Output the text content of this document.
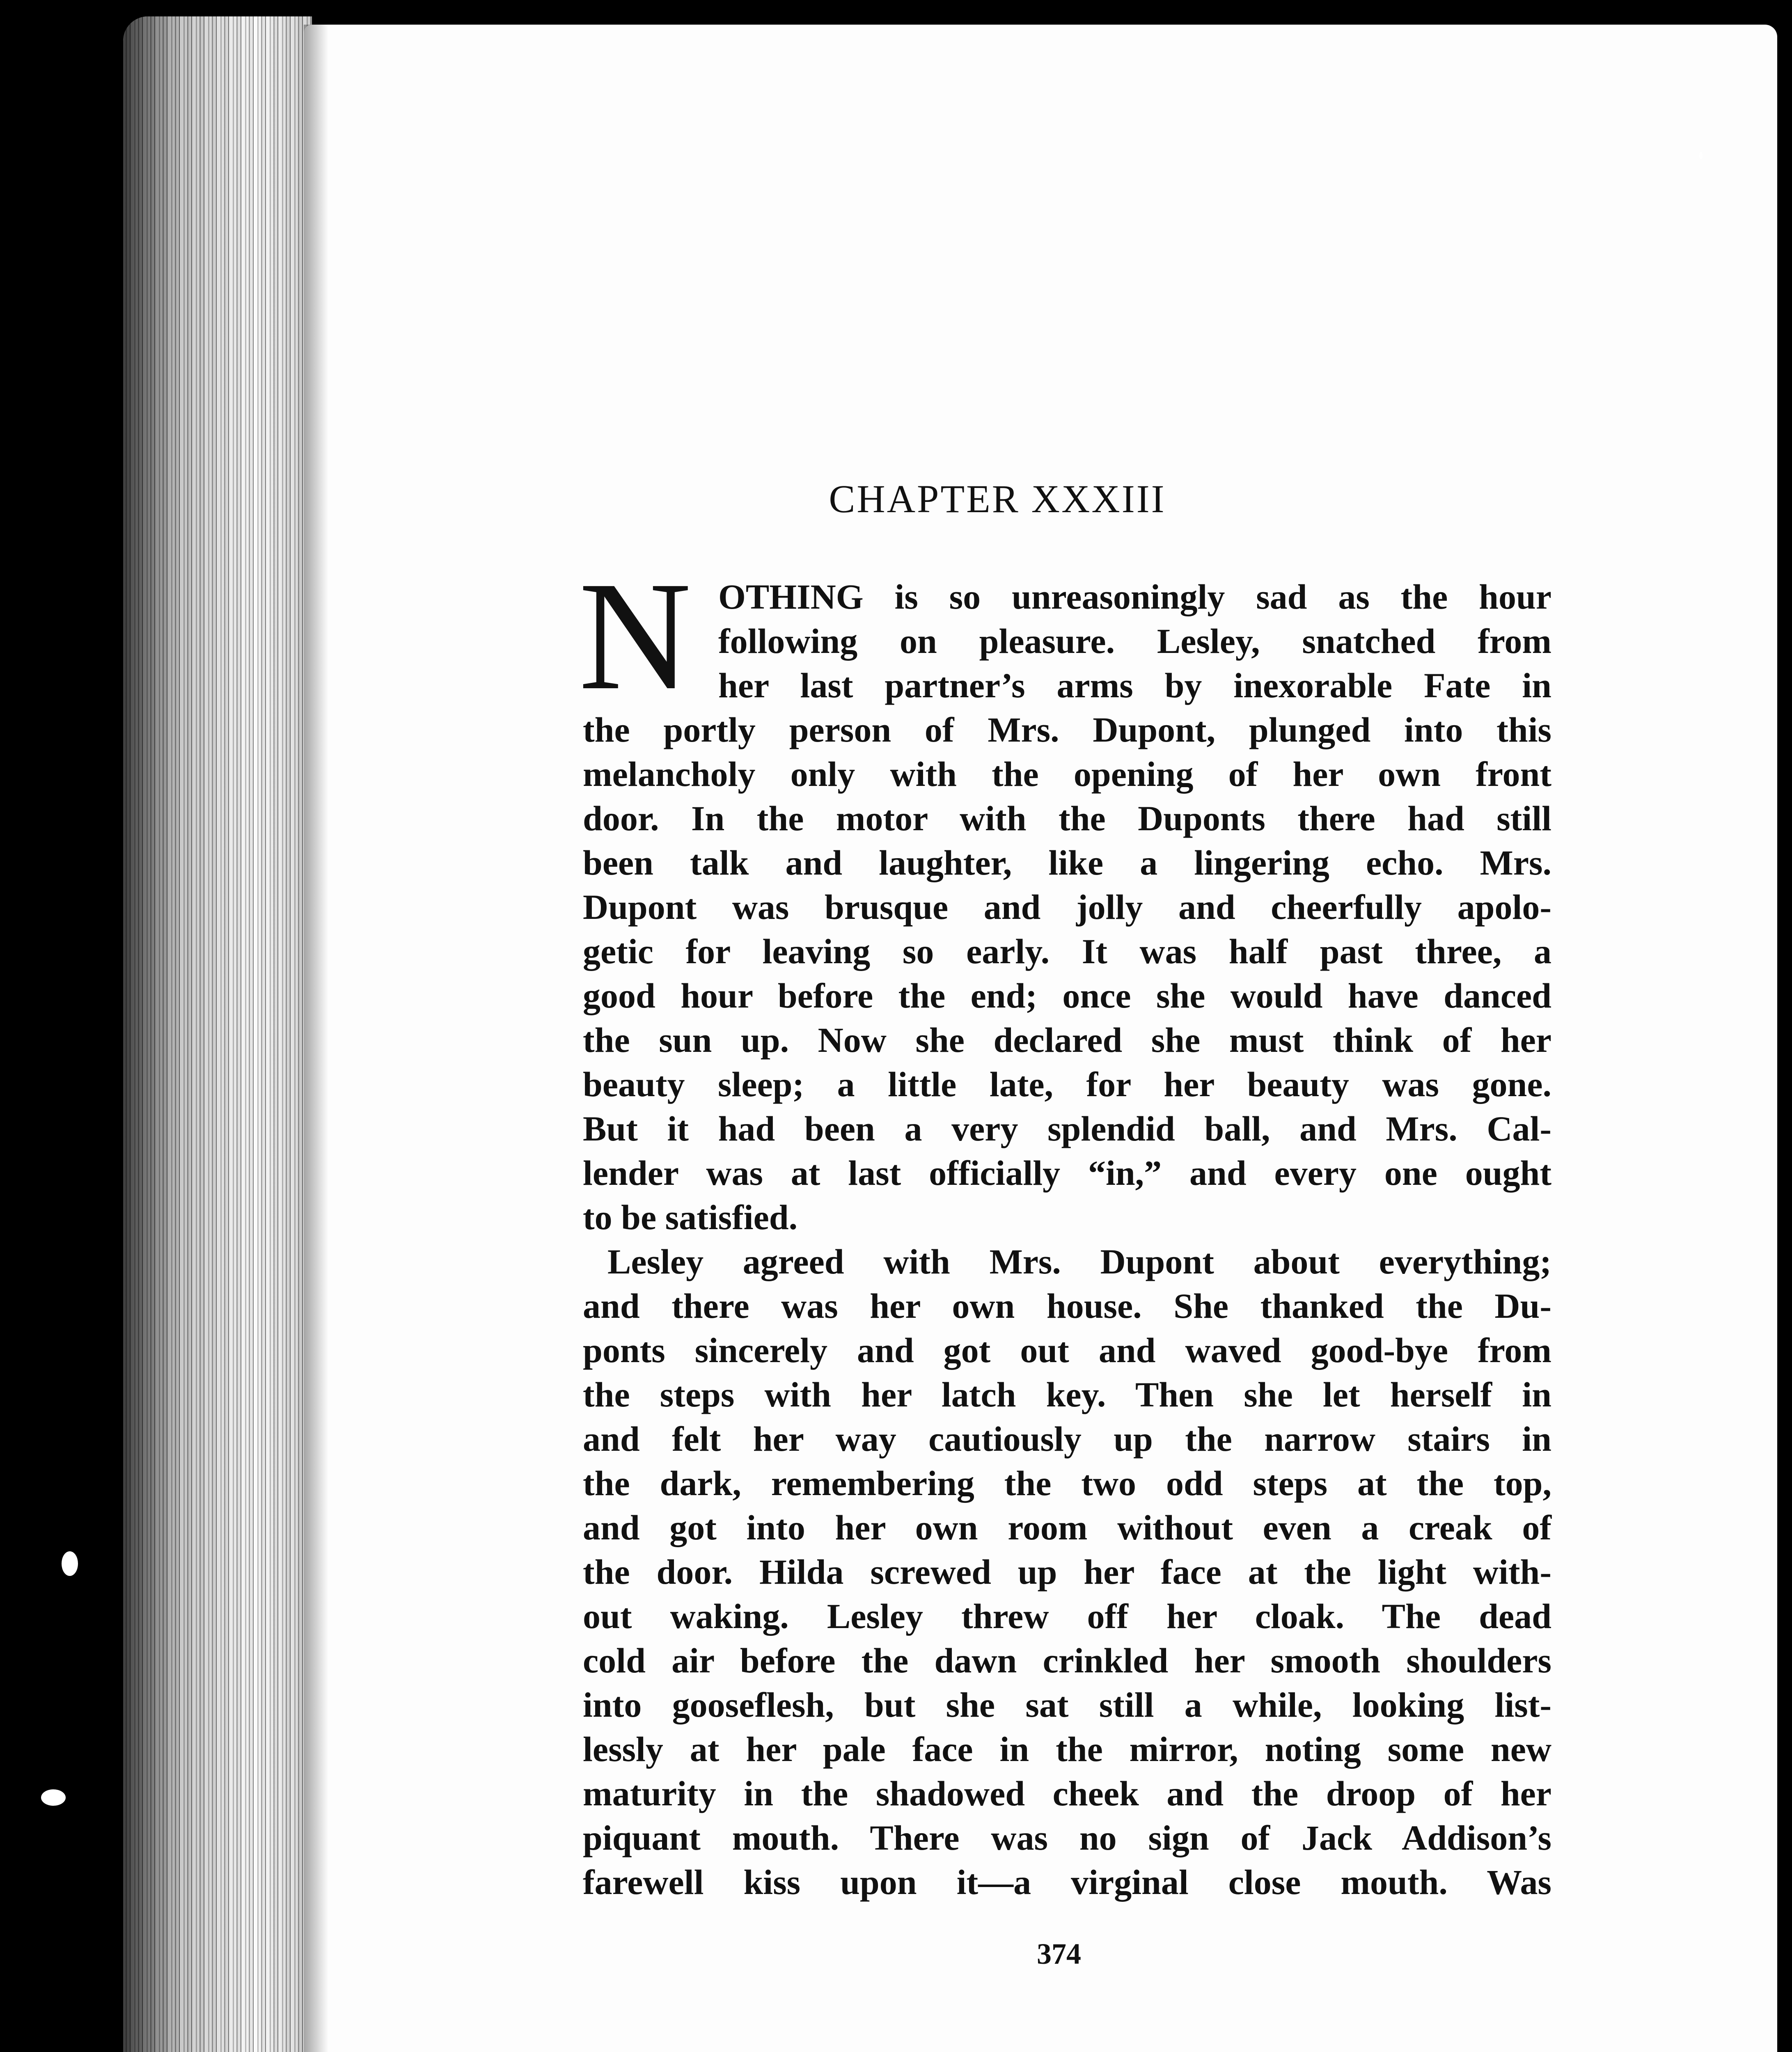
CHAPTER XXXIII
N OTHING is so unreasoningly sad as the hour
following on pleasure. Lesley, snatched from
her last partner’s arms by inexorable Fate in
the portly person of Mrs. Dupont, plunged into this
melancholy only with the opening of her own front
door. In the motor with the Duponts there had still
been talk and laughter, like a lingering echo. Mrs.
Dupont was brusque and jolly and cheerfully apolo-
getic for leaving so early. It was half past three, a
good hour before the end; once she would have danced
the sun up. Now she declared she must think of her
beauty sleep; a little late, for her beauty was gone.
But it had been a very splendid ball, and Mrs. Cal-
lender was at last officially “in,” and every one ought
to be satisfied.
Lesley agreed with Mrs. Dupont about everything;
and there was her own house. She thanked the Du-
ponts sincerely and got out and waved good-bye from
the steps with her latch key. Then she let herself in
and felt her way cautiously up the narrow stairs in
the dark, remembering the two odd steps at the top,
and got into her own room without even a creak of
the door. Hilda screwed up her face at the light with-
out waking. Lesley threw off her cloak. The dead
cold air before the dawn crinkled her smooth shoulders
into gooseflesh, but she sat still a while, looking list-
lessly at her pale face in the mirror, noting some new
maturity in the shadowed cheek and the droop of her
piquant mouth. There was no sign of Jack Addison’s
farewell kiss upon it—a virginal close mouth. Was
374
